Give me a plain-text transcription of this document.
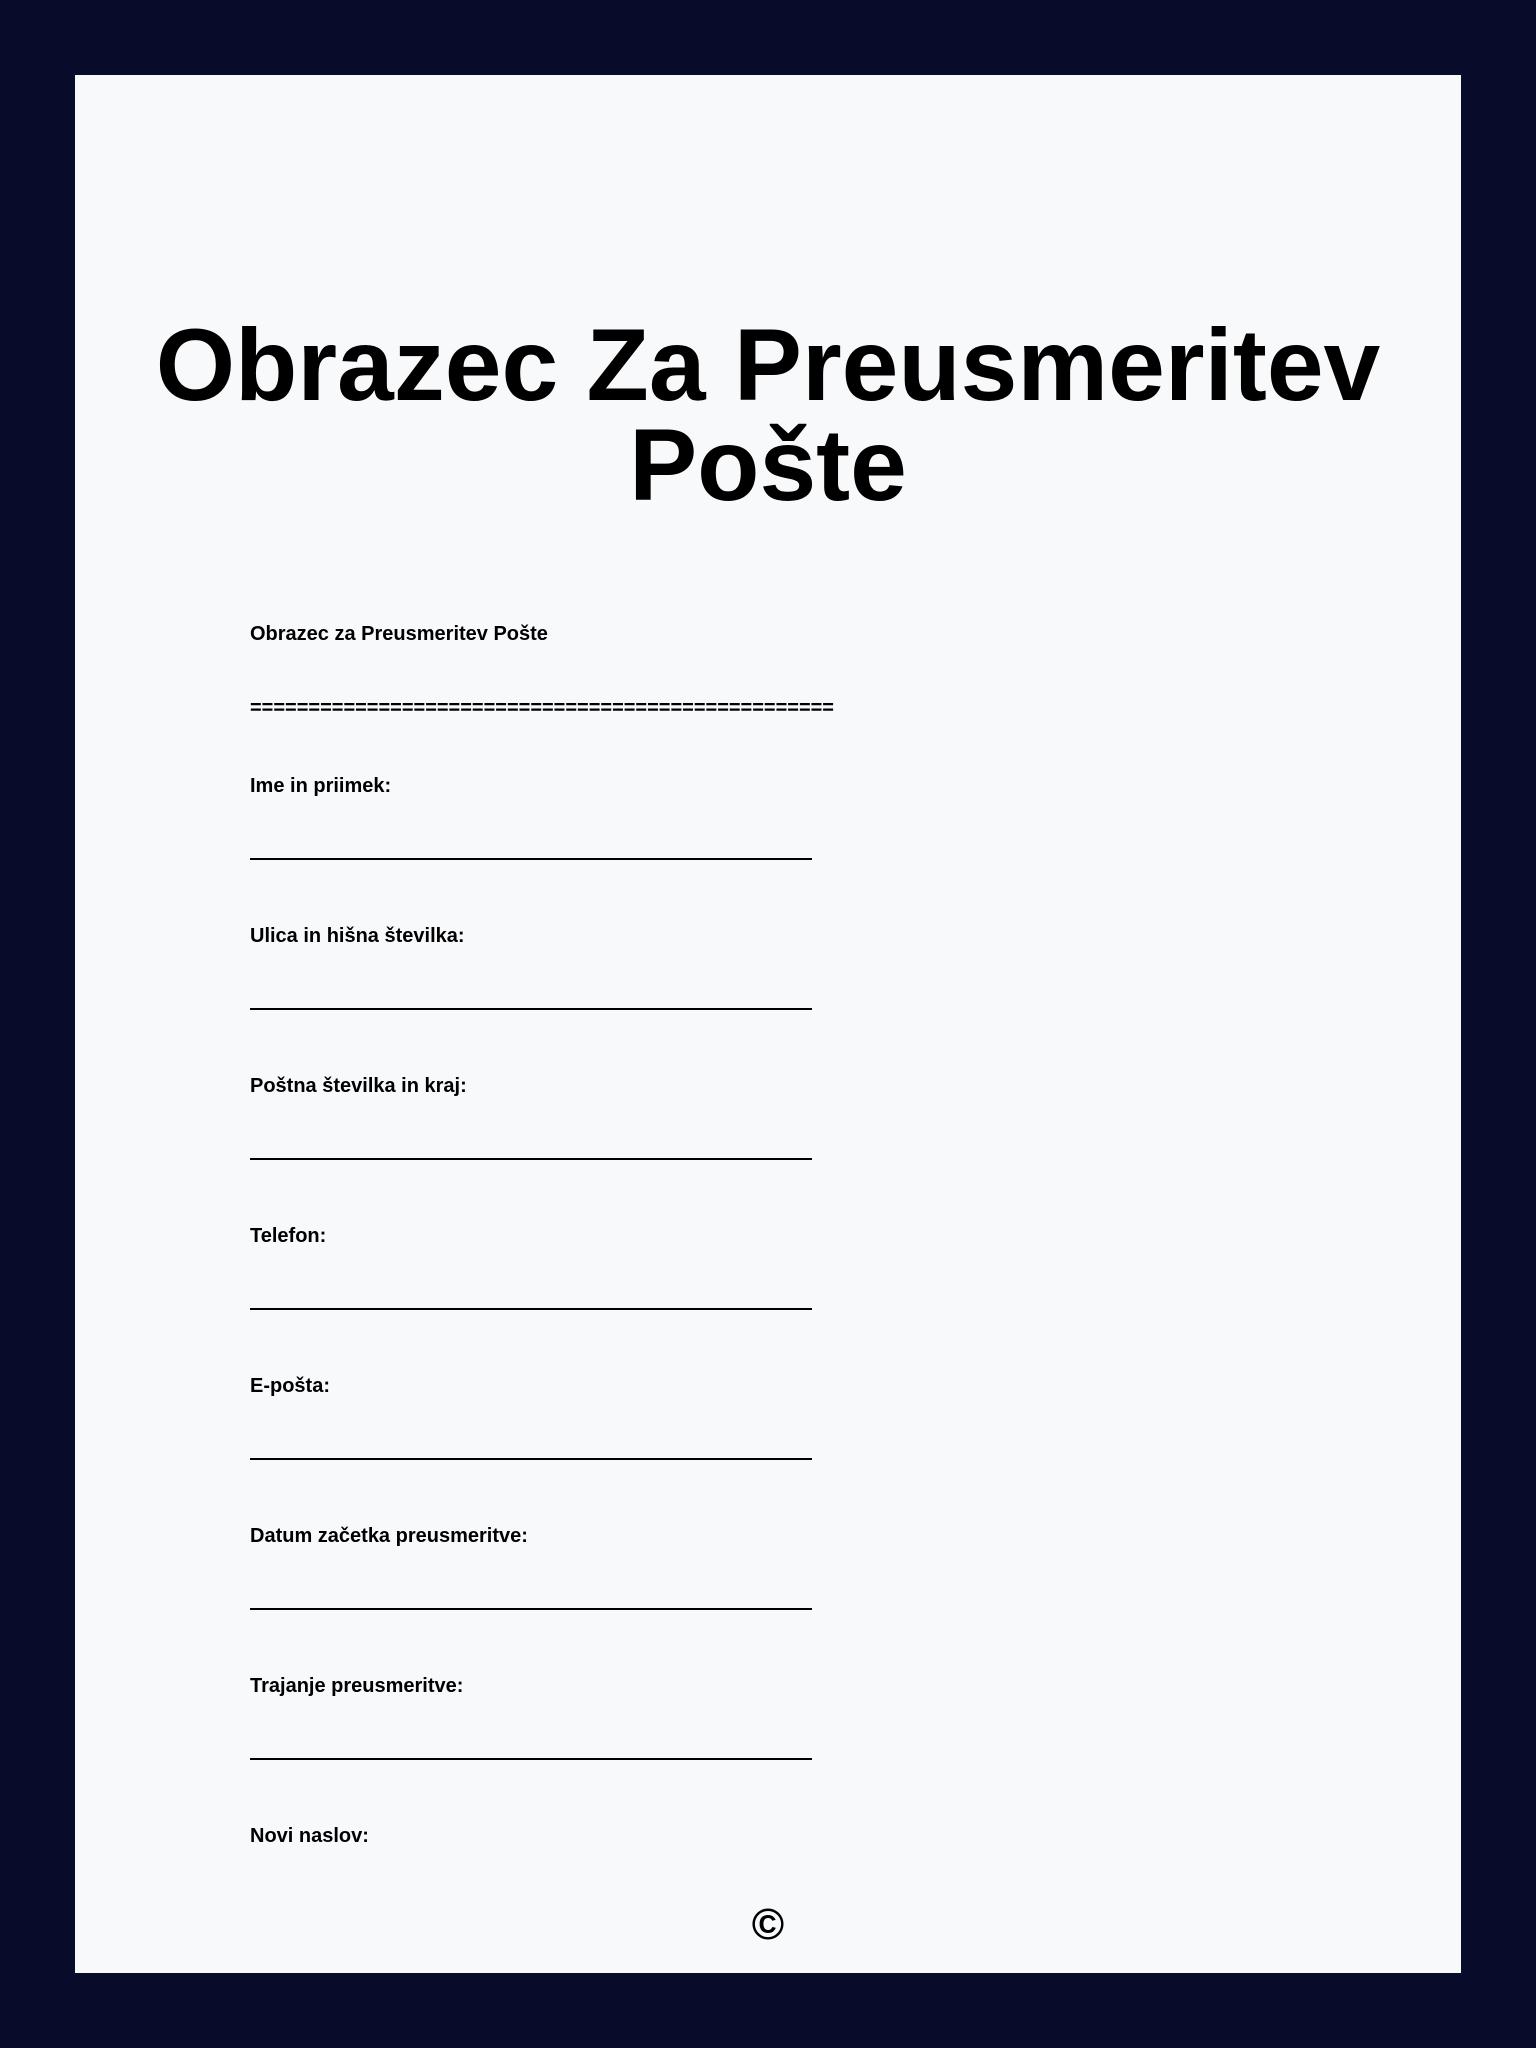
Obrazec Za Preusmeritev Pošte
Obrazec za Preusmeritev Pošte
==================================================
Ime in priimek:
Ulica in hišna številka:
Poštna številka in kraj:
Telefon:
E-pošta:
Datum začetka preusmeritve:
Trajanje preusmeritve:
Novi naslov:
©
